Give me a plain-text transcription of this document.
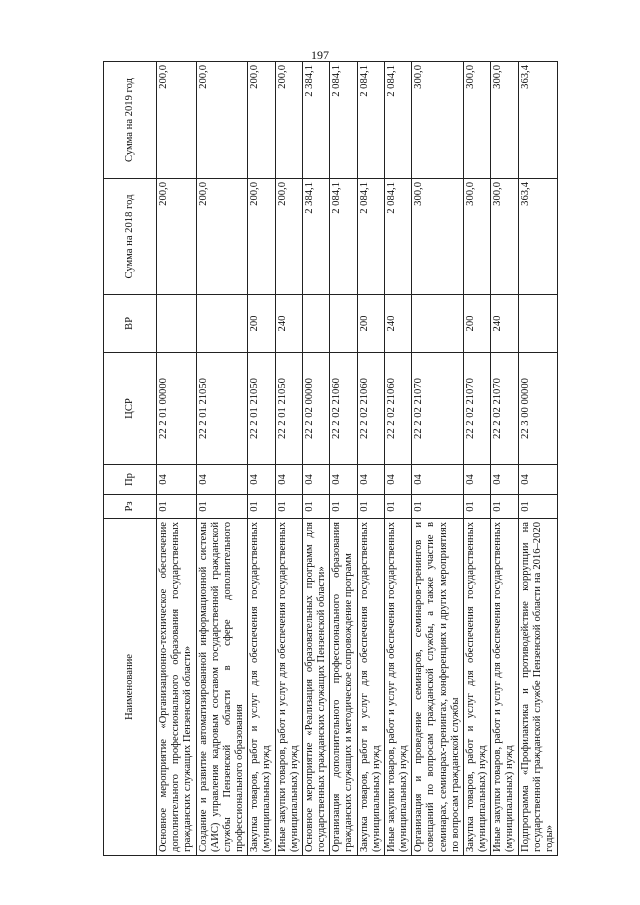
197
Наименование	Рз	Пр	ЦСР	ВР	Сумма на 2018 год	Сумма на 2019 год
Основное мероприятие «Организационно-техническое обеспечение дополнительного профессионального образования государственных гражданских служащих Пензенской области»	01	04	22 2 01 00000		200,0	200,0
Создание и развитие автоматизированной информационной системы (АИС) управления кадровым составом государственной гражданской службы Пензенской области в сфере дополнительного профессионального образования	01	04	22 2 01 21050		200,0	200,0
Закупка товаров, работ и услуг для обеспечения государственных (муниципальных) нужд	01	04	22 2 01 21050	200	200,0	200,0
Иные закупки товаров, работ и услуг для обеспечения государственных (муниципальных) нужд	01	04	22 2 01 21050	240	200,0	200,0
Основное мероприятие «Реализация образовательных программ для государственных гражданских служащих Пензенской области»	01	04	22 2 02 00000		2 384,1	2 384,1
Организация дополнительного профессионального образования гражданских служащих и методическое сопровождение программ	01	04	22 2 02 21060		2 084,1	2 084,1
Закупка товаров, работ и услуг для обеспечения государственных (муниципальных) нужд	01	04	22 2 02 21060	200	2 084,1	2 084,1
Иные закупки товаров, работ и услуг для обеспечения государственных (муниципальных) нужд	01	04	22 2 02 21060	240	2 084,1	2 084,1
Организация и проведение семинаров, семинаров-тренингов и совещаний по вопросам гражданской службы, а также участие в семинарах, семинарах-тренингах, конференциях и других мероприятиях по вопросам гражданской службы	01	04	22 2 02 21070		300,0	300,0
Закупка товаров, работ и услуг для обеспечения государственных (муниципальных) нужд	01	04	22 2 02 21070	200	300,0	300,0
Иные закупки товаров, работ и услуг для обеспечения государственных (муниципальных) нужд	01	04	22 2 02 21070	240	300,0	300,0
Подпрограмма «Профилактика и противодействие коррупции на государственной гражданской службе Пензенской области на 2016–2020 годы»	01	04	22 3 00 00000		363,4	363,4
